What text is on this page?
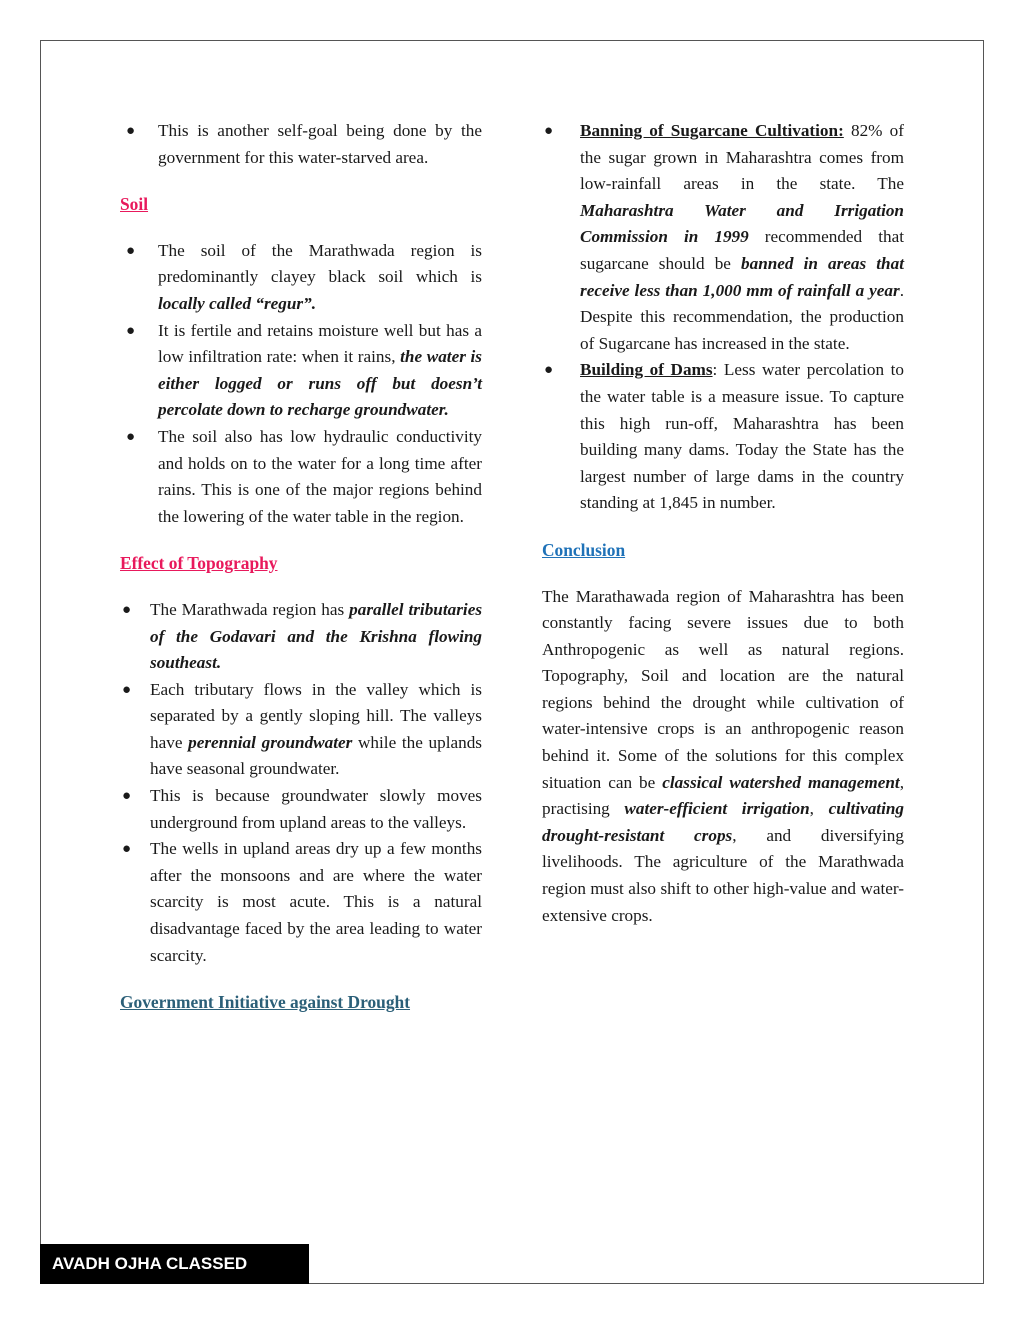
● This is another self-goal being done by the government for this water-starved area.

Soil

● The soil of the Marathwada region is predominantly clayey black soil which is locally called “regur”.
● It is fertile and retains moisture well but has a low infiltration rate: when it rains, the water is either logged or runs off but doesn’t percolate down to recharge groundwater.
● The soil also has low hydraulic conductivity and holds on to the water for a long time after rains. This is one of the major regions behind the lowering of the water table in the region.

Effect of Topography

● The Marathwada region has parallel tributaries of the Godavari and the Krishna flowing southeast.
● Each tributary flows in the valley which is separated by a gently sloping hill. The valleys have perennial groundwater while the uplands have seasonal groundwater.
● This is because groundwater slowly moves underground from upland areas to the valleys.
● The wells in upland areas dry up a few months after the monsoons and are where the water scarcity is most acute. This is a natural disadvantage faced by the area leading to water scarcity.

Government Initiative against Drought

● Banning of Sugarcane Cultivation: 82% of the sugar grown in Maharashtra comes from low-rainfall areas in the state. The Maharashtra Water and Irrigation Commission in 1999 recommended that sugarcane should be banned in areas that receive less than 1,000 mm of rainfall a year. Despite this recommendation, the production of Sugarcane has increased in the state.
● Building of Dams: Less water percolation to the water table is a measure issue. To capture this high run-off, Maharashtra has been building many dams. Today the State has the largest number of large dams in the country standing at 1,845 in number.

Conclusion

The Marathawada region of Maharashtra has been constantly facing severe issues due to both Anthropogenic as well as natural regions. Topography, Soil and location are the natural regions behind the drought while cultivation of water-intensive crops is an anthropogenic reason behind it. Some of the solutions for this complex situation can be classical watershed management, practising water-efficient irrigation, cultivating drought-resistant crops, and diversifying livelihoods. The agriculture of the Marathwada region must also shift to other high-value and water-extensive crops.

AVADH OJHA CLASSED
